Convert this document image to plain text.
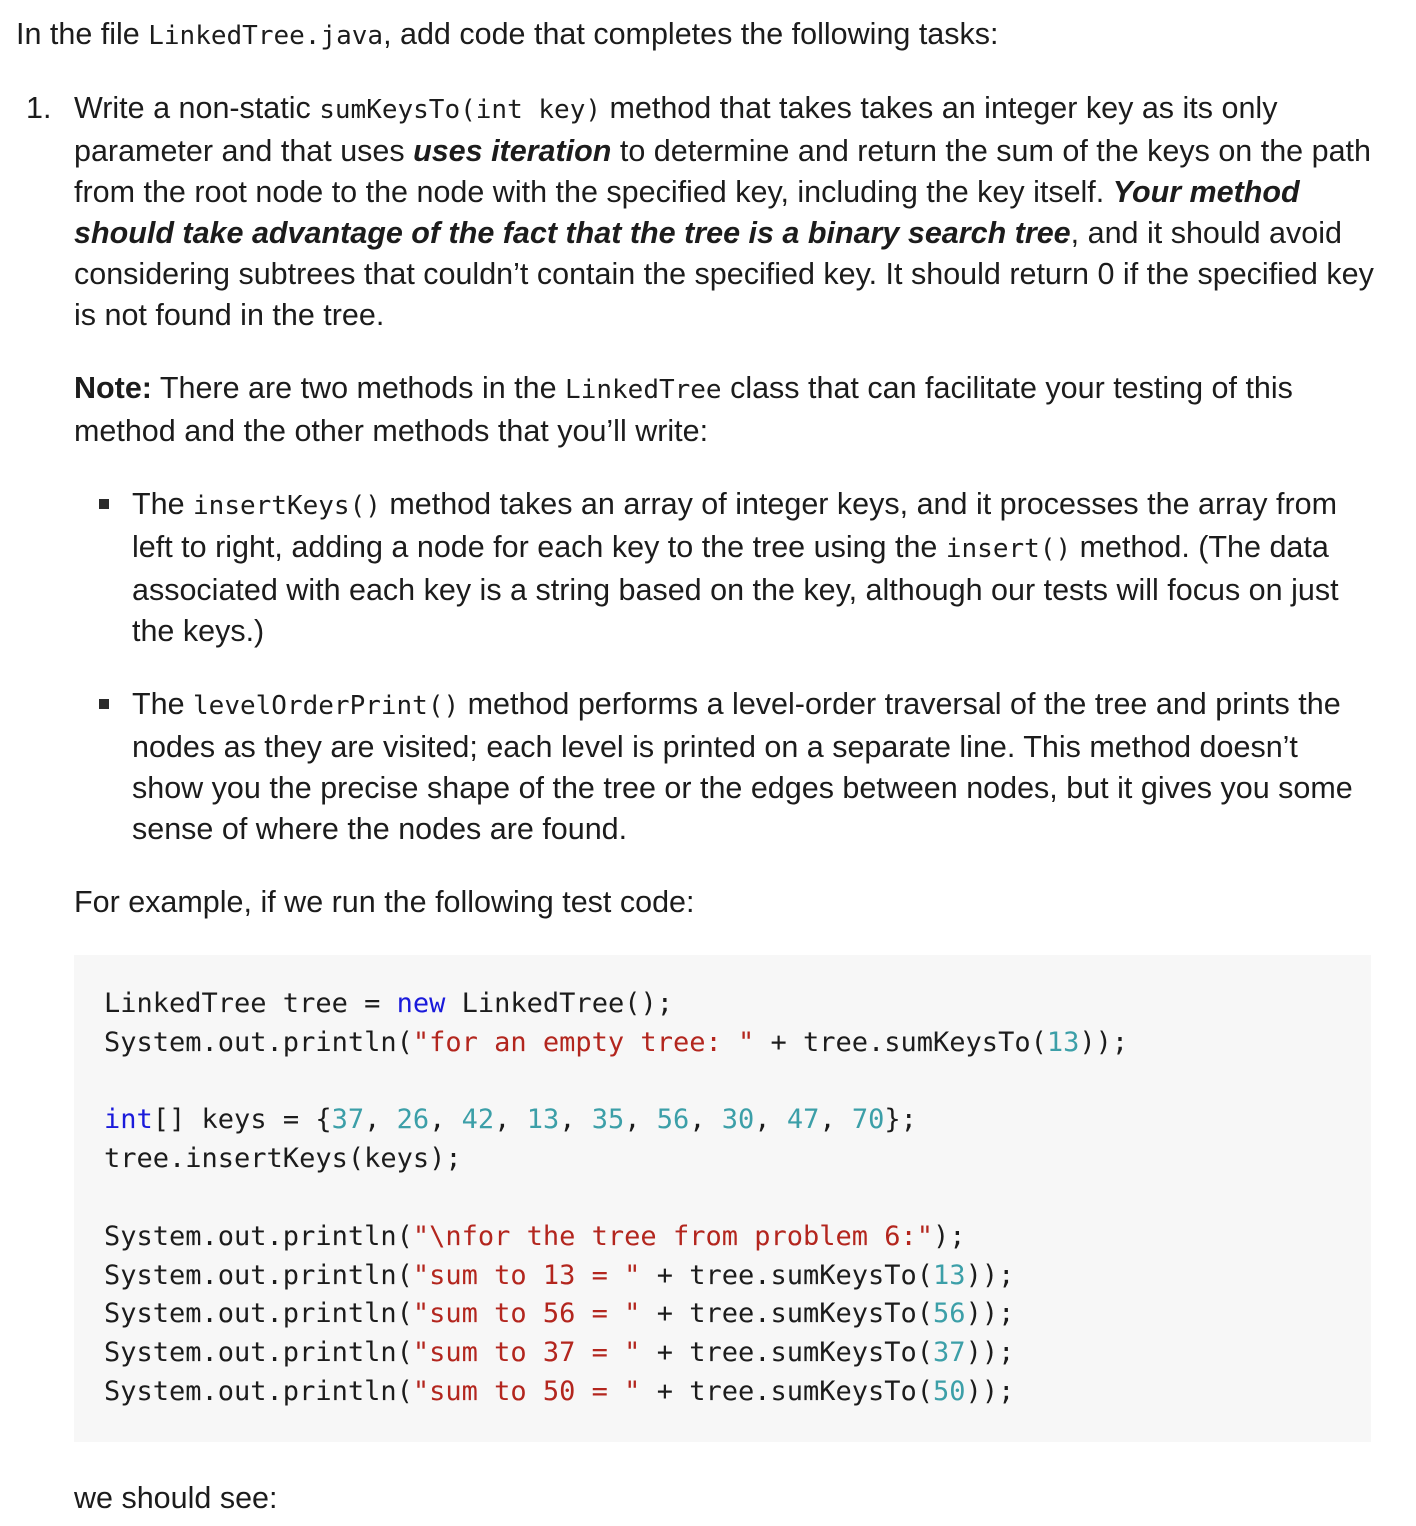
In the file LinkedTree.java, add code that completes the following tasks:

1. Write a non-static sumKeysTo(int key) method that takes takes an integer key as its only parameter and that uses uses iteration to determine and return the sum of the keys on the path from the root node to the node with the specified key, including the key itself. Your method should take advantage of the fact that the tree is a binary search tree, and it should avoid considering subtrees that couldn’t contain the specified key. It should return 0 if the specified key is not found in the tree.

Note: There are two methods in the LinkedTree class that can facilitate your testing of this method and the other methods that you’ll write:

The insertKeys() method takes an array of integer keys, and it processes the array from left to right, adding a node for each key to the tree using the insert() method. (The data associated with each key is a string based on the key, although our tests will focus on just the keys.)
The levelOrderPrint() method performs a level-order traversal of the tree and prints the nodes as they are visited; each level is printed on a separate line. This method doesn’t show you the precise shape of the tree or the edges between nodes, but it gives you some sense of where the nodes are found.

For example, if we run the following test code:

LinkedTree tree = new LinkedTree();
System.out.println("for an empty tree: " + tree.sumKeysTo(13));
int[] keys = {37, 26, 42, 13, 35, 56, 30, 47, 70};
tree.insertKeys(keys);
System.out.println("\nfor the tree from problem 6:");
System.out.println("sum to 13 = " + tree.sumKeysTo(13));
System.out.println("sum to 56 = " + tree.sumKeysTo(56));
System.out.println("sum to 37 = " + tree.sumKeysTo(37));
System.out.println("sum to 50 = " + tree.sumKeysTo(50));

we should see:
